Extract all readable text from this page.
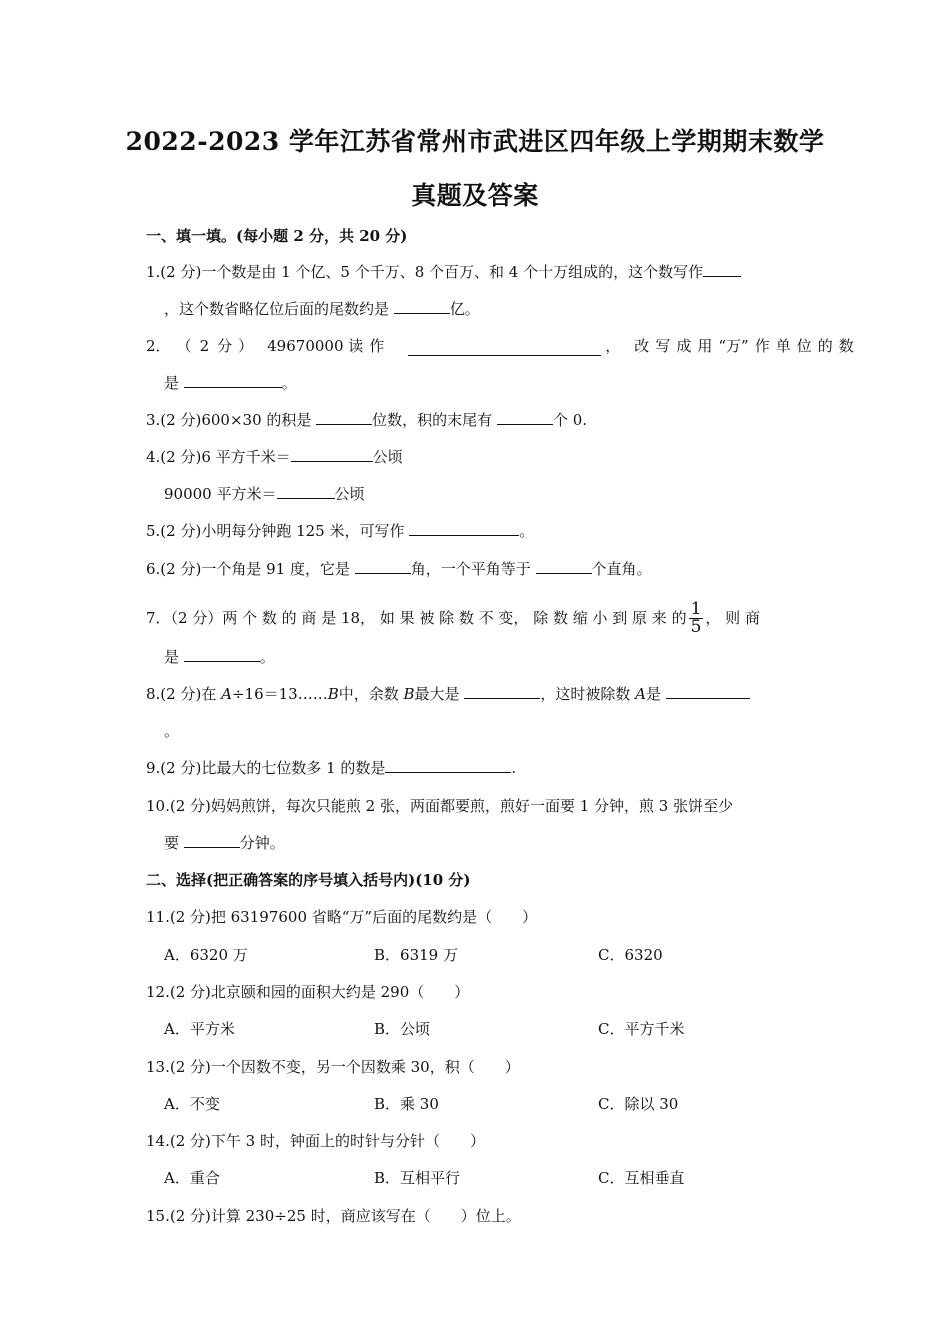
2022-2023 学年江苏省常州市武进区四年级上学期期末数学
真题及答案
一、填一填。(每小题 2 分，共 20 分)
1.(2 分)一个数是由 1 个亿、5 个千万、8 个百万、和 4 个十万组成的，这个数写作
，这个数省略亿位后面的尾数约是	亿。
2． （ 2 分 ） 49670000 读 作	， 改 写 成 用 “万” 作 单 位 的 数
是	。
3.(2 分)600×30 的积是	位数，积的末尾有	个 0.
4.(2 分)6 平方千米＝	公顷
90000 平方米＝	公顷
5.(2 分)小明每分钟跑 125 米，可写作	。
6.(2 分)一个角是 91 度，它是	角，一个平角等于	个直角。
7．（2 分）两 个 数 的 商 是 18， 如 果 被 除 数 不 变， 除 数 缩 小 到 原 来 的 $\frac{1}{5}$ ， 则 商
是	。
8.(2 分)在 A÷16＝13……B中，余数 B最大是	，这时被除数 A是
。
9.(2 分)比最大的七位数多 1 的数是	.
10.(2 分)妈妈煎饼，每次只能煎 2 张，两面都要煎，煎好一面要 1 分钟，煎 3 张饼至少
要	分钟。
二、选择(把正确答案的序号填入括号内)(10 分)
11.(2 分)把 63197600 省略“万”后面的尾数约是（　　）
A．6320 万	B．6319 万	C．6320
12.(2 分)北京颐和园的面积大约是 290（　　）
A．平方米	B．公顷	C．平方千米
13.(2 分)一个因数不变，另一个因数乘 30，积（　　）
A．不变	B．乘 30	C．除以 30
14.(2 分)下午 3 时，钟面上的时针与分针（　　）
A．重合	B．互相平行	C．互相垂直
15.(2 分)计算 230÷25 时，商应该写在（　　）位上。
